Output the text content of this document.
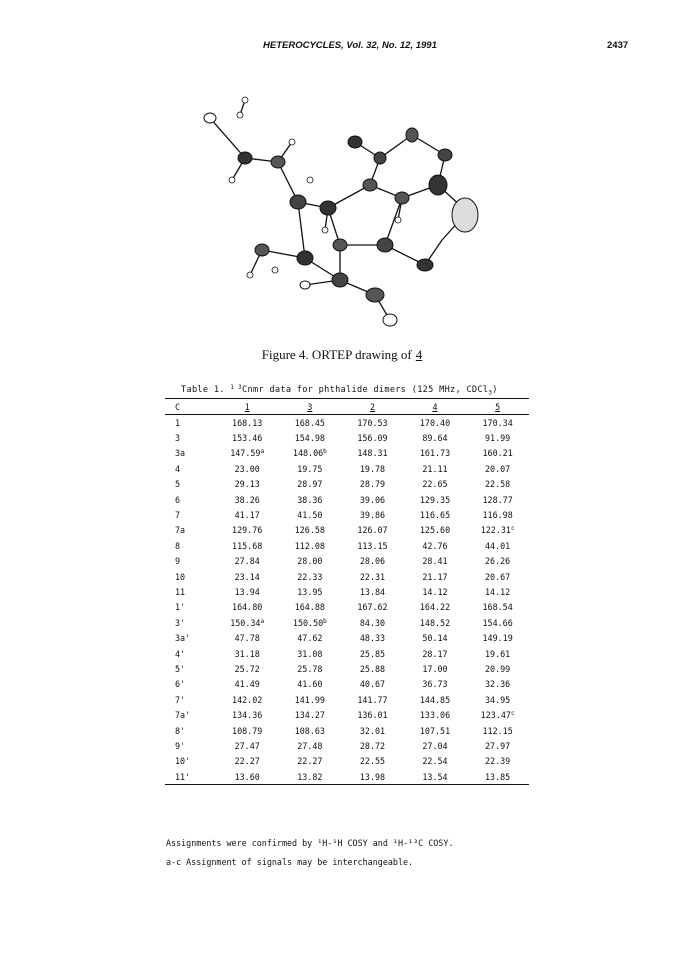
HETEROCYCLES, Vol. 32, No. 12, 1991	2437
Figure 4. ORTEP drawing of 4
Table 1. $^{1 3}$Cnmr data for phthalide dimers (125 MHz, CDCl$_3$)
C	1	3	2	4	5
1	168.13	168.45	170.53	170.40	170.34
3	153.46	154.98	156.09	89.64	91.99
3a	147.59$^a$	148.06$^b$	148.31	161.73	160.21
4	23.00	19.75	19.78	21.11	20.07
5	29.13	28.97	28.79	22.65	22.58
6	38.26	38.36	39.06	129.35	128.77
7	41.17	41.50	39.86	116.65	116.98
7a	129.76	126.58	126.07	125.60	122.31$^c$
8	115.68	112.08	113.15	42.76	44.01
9	27.84	28.00	28.06	28.41	26.26
10	23.14	22.33	22.31	21.17	20.67
11	13.94	13.95	13.84	14.12	14.12
1'	164.80	164.88	167.62	164.22	168.54
3'	150.34$^a$	150.50$^b$	84.30	148.52	154.66
3a'	47.78	47.62	48.33	50.14	149.19
4'	31.18	31.08	25.85	28.17	19.61
5'	25.72	25.78	25.88	17.00	20.99
6'	41.49	41.60	40.67	36.73	32.36
7'	142.02	141.99	141.77	144.85	34.95
7a'	134.36	134.27	136.01	133.06	123.47$^c$
8'	108.79	108.63	32.01	107.51	112.15
9'	27.47	27.48	28.72	27.04	27.97
10'	22.27	22.27	22.55	22.54	22.39
11'	13.60	13.82	13.98	13.54	13.85
Assignments were confirmed by ¹H-¹H COSY and ¹H-¹³C COSY.
a-c Assignment of signals may be interchangeable.
